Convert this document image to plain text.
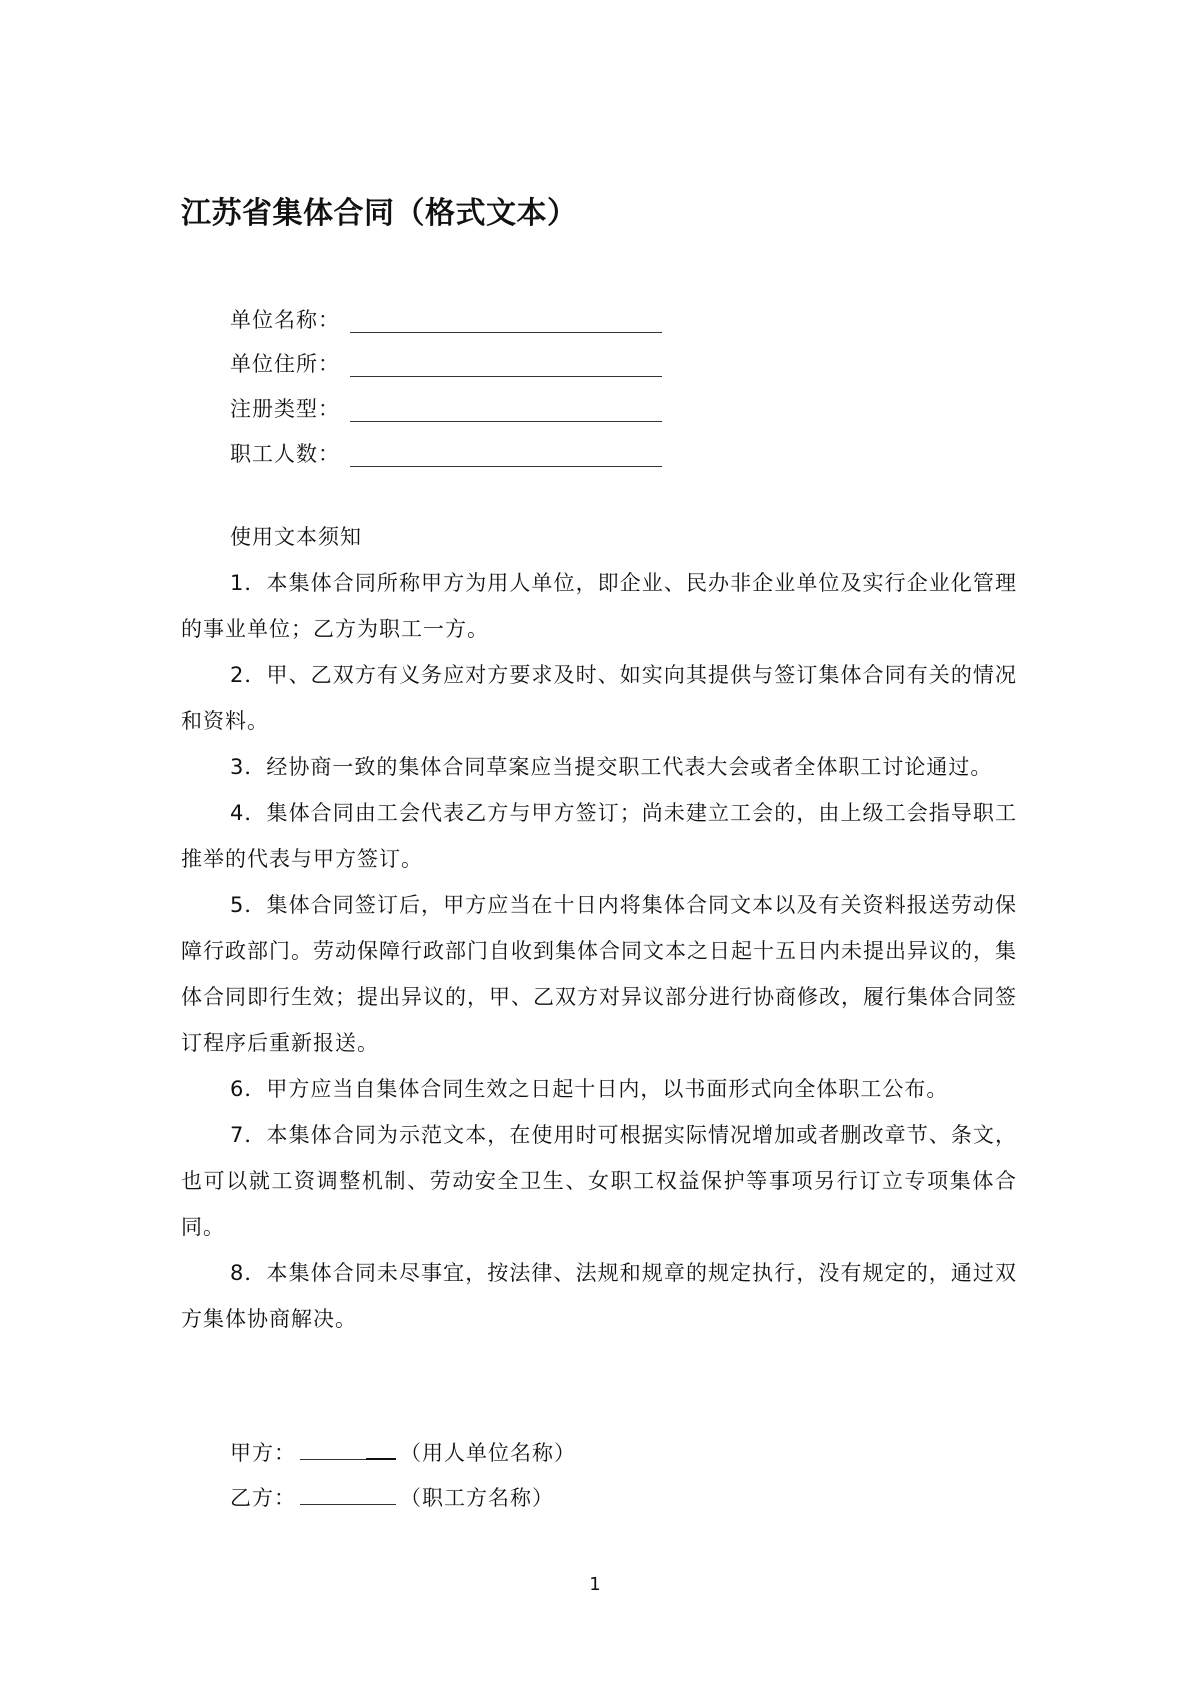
江苏省集体合同（格式文本）
单位名称：
单位住所：
注册类型：
职工人数：

使用文本须知

1．本集体合同所称甲方为用人单位，即企业、民办非企业单位及实行企业化管理的事业单位；乙方为职工一方。

2．甲、乙双方有义务应对方要求及时、如实向其提供与签订集体合同有关的情况和资料。

3．经协商一致的集体合同草案应当提交职工代表大会或者全体职工讨论通过。

4．集体合同由工会代表乙方与甲方签订；尚未建立工会的，由上级工会指导职工推举的代表与甲方签订。

5．集体合同签订后，甲方应当在十日内将集体合同文本以及有关资料报送劳动保障行政部门。劳动保障行政部门自收到集体合同文本之日起十五日内未提出异议的，集体合同即行生效；提出异议的，甲、乙双方对异议部分进行协商修改，履行集体合同签订程序后重新报送。

6．甲方应当自集体合同生效之日起十日内，以书面形式向全体职工公布。

7．本集体合同为示范文本，在使用时可根据实际情况增加或者删改章节、条文，也可以就工资调整机制、劳动安全卫生、女职工权益保护等事项另行订立专项集体合同。

8．本集体合同未尽事宜，按法律、法规和规章的规定执行，没有规定的，通过双方集体协商解决。

甲方：	（用人单位名称）
乙方：	（职工方名称）
1
